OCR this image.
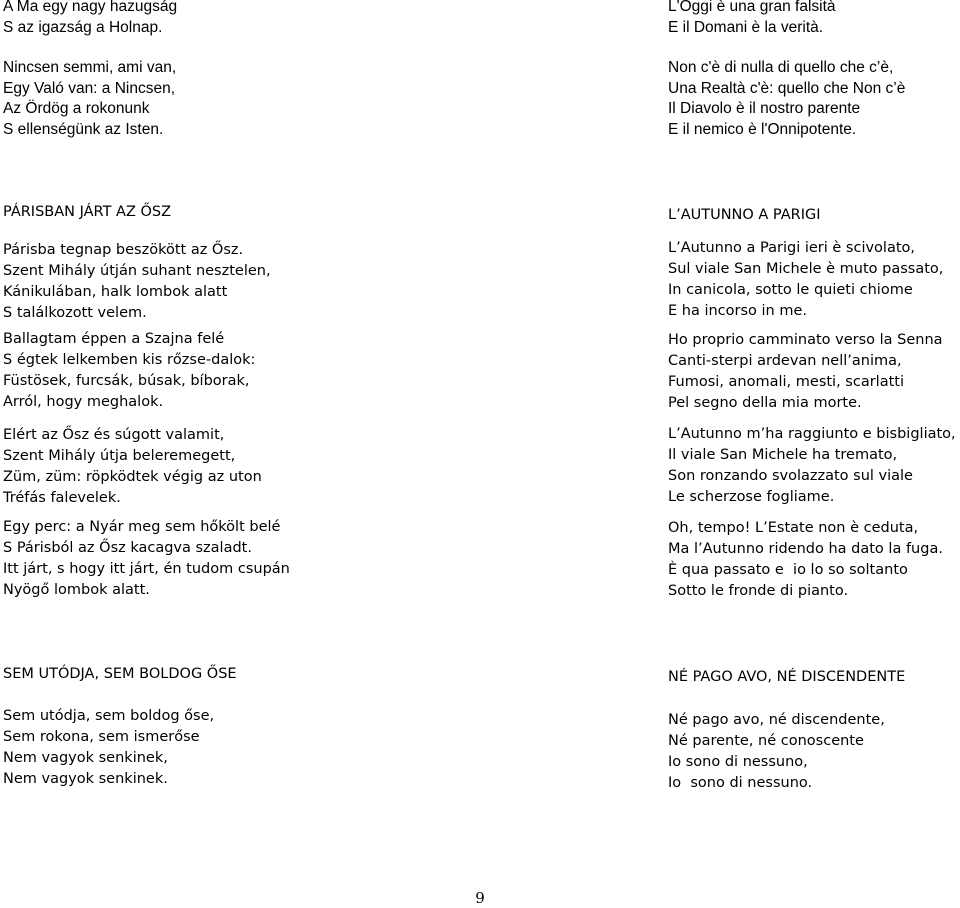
A Ma egy nagy hazugság
S az igazság a Holnap.
Nincsen semmi, ami van,
Egy Való van: a Nincsen,
Az Ördög a rokonunk
S ellenségünk az Isten.
L'Oggi è una gran falsità
E il Domani è la verità.
Non c'è di nulla di quello che c’è,
Una Realtà c'è: quello che Non c’è
Il Diavolo è il nostro parente
E il nemico è l'Onnipotente.
PÁRISBAN JÁRT AZ ŐSZ
Párisba tegnap beszökött az Ősz.
Szent Mihály útján suhant nesztelen,
Kánikulában, halk lombok alatt
S találkozott velem.
Ballagtam éppen a Szajna felé
S égtek lelkemben kis rőzse-dalok:
Füstösek, furcsák, búsak, bíborak,
Arról, hogy meghalok.
Elért az Ősz és súgott valamit,
Szent Mihály útja beleremegett,
Züm, züm: röpködtek végig az uton
Tréfás falevelek.
Egy perc: a Nyár meg sem hőkölt belé
S Párisból az Ősz kacagva szaladt.
Itt járt, s hogy itt járt, én tudom csupán
Nyögő lombok alatt.
L’AUTUNNO A PARIGI
L’Autunno a Parigi ieri è scivolato,
Sul viale San Michele è muto passato,
In canicola, sotto le quieti chiome
E ha incorso in me.
Ho proprio camminato verso la Senna
Canti-sterpi ardevan nell’anima,
Fumosi, anomali, mesti, scarlatti
Pel segno della mia morte.
L’Autunno m’ha raggiunto e bisbigliato,
Il viale San Michele ha tremato,
Son ronzando svolazzato sul viale
Le scherzose fogliame.
Oh, tempo! L’Estate non è ceduta,
Ma l’Autunno ridendo ha dato la fuga.
È qua passato e  io lo so soltanto
Sotto le fronde di pianto.
SEM UTÓDJA, SEM BOLDOG ŐSE
Sem utódja, sem boldog őse,
Sem rokona, sem ismerőse
Nem vagyok senkinek,
Nem vagyok senkinek.
NÉ PAGO AVO, NÉ DISCENDENTE
Né pago avo, né discendente,
Né parente, né conoscente
Io sono di nessuno,
Io  sono di nessuno.
9
